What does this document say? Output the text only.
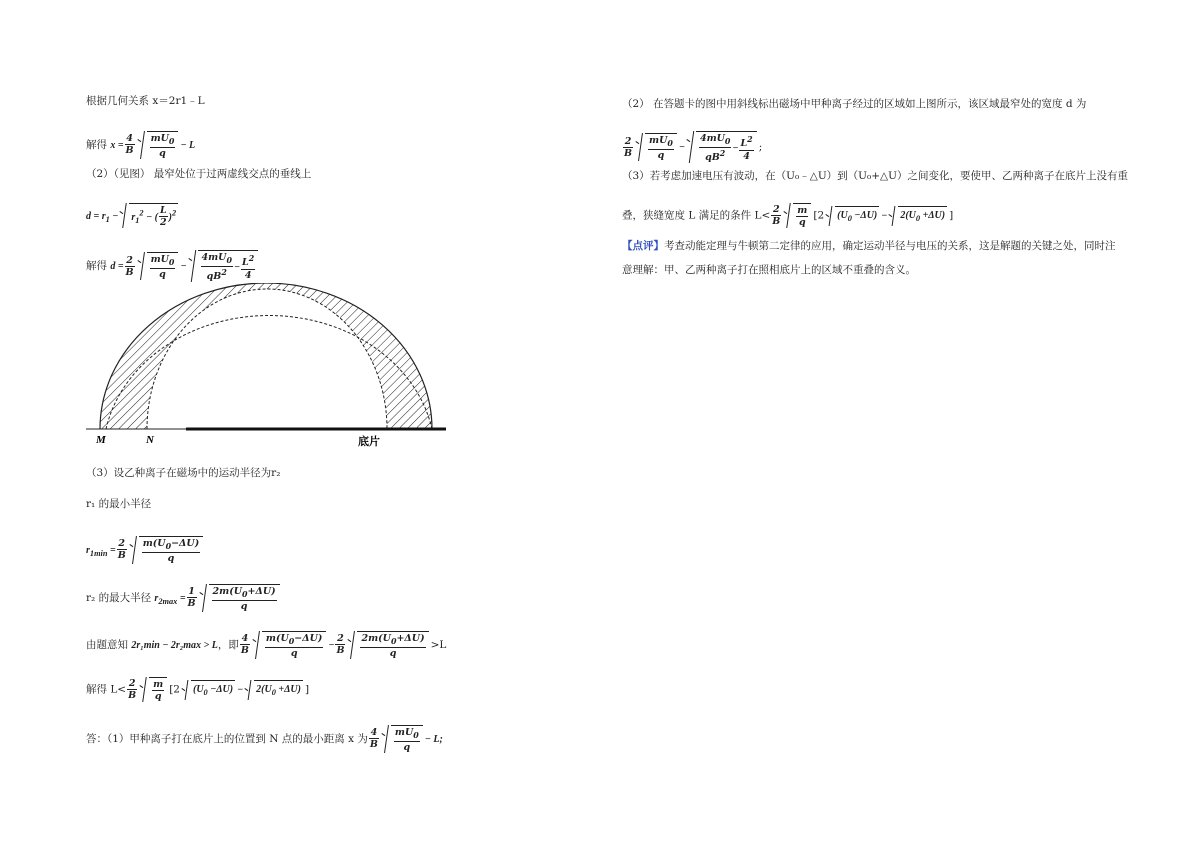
根据几何关系 x＝2r1﹣L
解得 $x = \frac{4}{B} \frac{mU_0}{q} - L$
（2）（见图） 最窄处位于过两虚线交点的垂线上
$d = r_1 - r_1^2$ − ( $\frac{L}{2} )^2$
解得 $d = \frac{2}{B} \frac{mU_0}{q} - \frac{4mU_0}{qB^2} - \frac{L^2}{4}$
M	N	底片
（3）设乙种离子在磁场中的运动半径为r₂
r₁ 的最小半径
$r_{1min} = \frac{2}{B} \frac{m(U_0-\Delta U)}{q}$
r₂ 的最大半径 $r_{2max} = \frac{1}{B} \frac{2m(U_0+\Delta U)}{q}$
由题意知 2r₁min − 2r₂max > L，即 $\frac{4}{B} \frac{m(U_0-\Delta U)}{q} - \frac{2}{B} \frac{2m(U_0+\Delta U)}{q} >L$
解得 $L< \frac{2}{B} \frac{m}{q} [2$ $(U_0 -\Delta U) - 2(U_0 +\Delta U)$ ]
答：（1）甲种离子打在底片上的位置到 N 点的最小距离 x 为 $\frac{4}{B} \frac{mU_0}{q} - L$;
（2） 在答题卡的图中用斜线标出磁场中甲种离子经过的区域如上图所示，该区域最窄处的宽度 d 为
$\frac{2}{B} \frac{mU_0}{q} - \frac{4mU_0}{qB^2} - \frac{L^2}{4}$ ;
（3）若考虑加速电压有波动，在（U₀﹣△U）到（U₀+△U）之间变化，要使甲、乙两种离子在底片上没有重
叠，狭缝宽度 L 满足的条件 $L< \frac{2}{B} \frac{m}{q} [2$ $(U_0 -\Delta U) - 2(U_0 +\Delta U)$ ]
【点评】考查动能定理与牛顿第二定律的应用，确定运动半径与电压的关系，这是解题的关键之处，同时注
意理解：甲、乙两种离子打在照相底片上的区域不重叠的含义。
